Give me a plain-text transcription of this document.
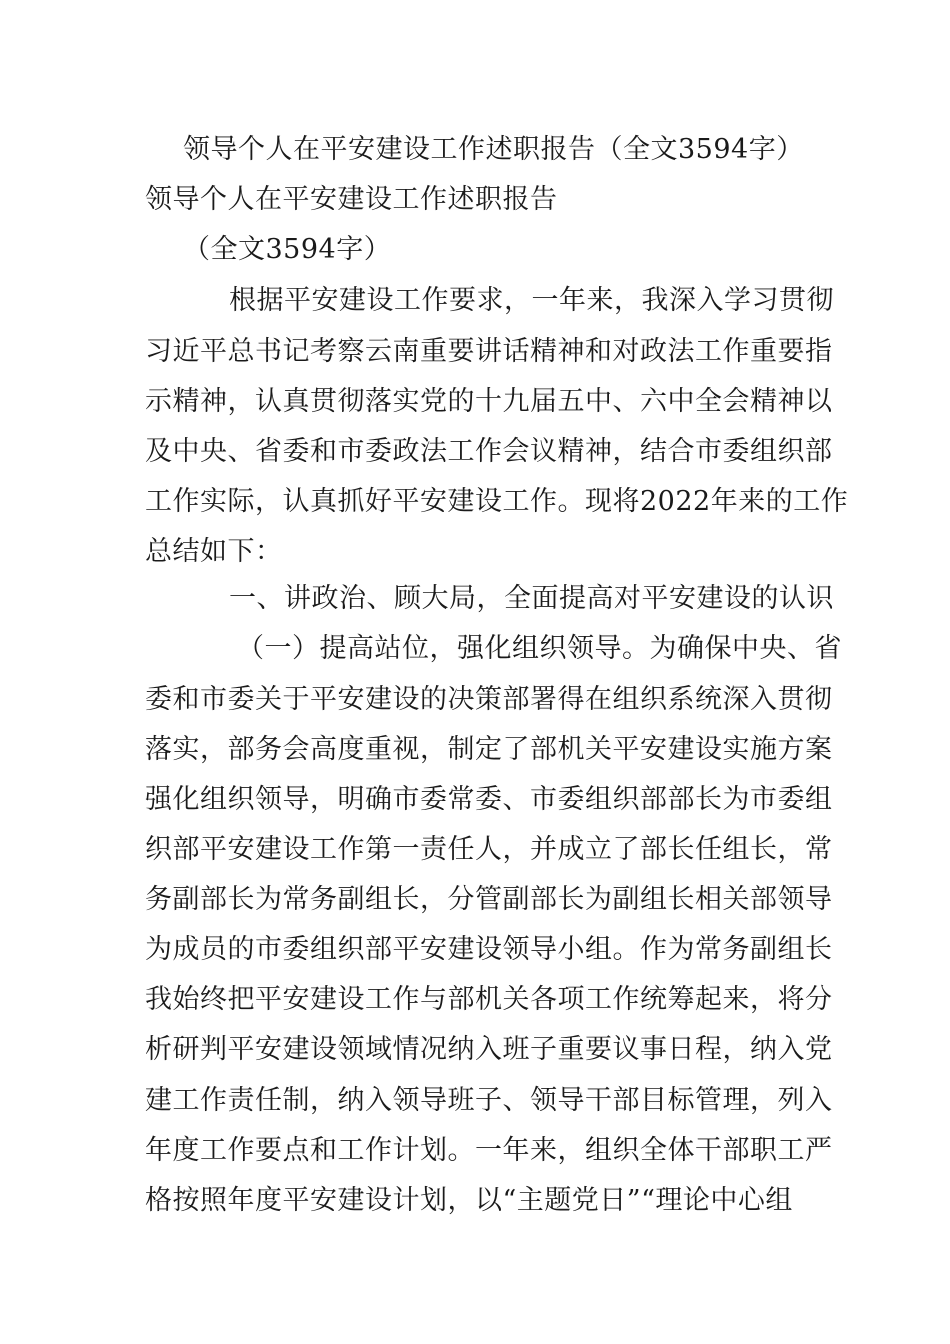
领导个人在平安建设工作述职报告（全文3594字）
领导个人在平安建设工作述职报告
（全文3594字）
根据平安建设工作要求，一年来，我深入学习贯彻
习近平总书记考察云南重要讲话精神和对政法工作重要指
示精神，认真贯彻落实党的十九届五中、六中全会精神以
及中央、省委和市委政法工作会议精神，结合市委组织部
工作实际，认真抓好平安建设工作。现将2022年来的工作
总结如下：
一、讲政治、顾大局，全面提高对平安建设的认识
（一）提高站位，强化组织领导。为确保中央、省
委和市委关于平安建设的决策部署得在组织系统深入贯彻
落实，部务会高度重视，制定了部机关平安建设实施方案
强化组织领导，明确市委常委、市委组织部部长为市委组
织部平安建设工作第一责任人，并成立了部长任组长，常
务副部长为常务副组长，分管副部长为副组长相关部领导
为成员的市委组织部平安建设领导小组。作为常务副组长
我始终把平安建设工作与部机关各项工作统筹起来，将分
析研判平安建设领域情况纳入班子重要议事日程，纳入党
建工作责任制，纳入领导班子、领导干部目标管理，列入
年度工作要点和工作计划。一年来，组织全体干部职工严
格按照年度平安建设计划，以“主题党日”“理论中心组
